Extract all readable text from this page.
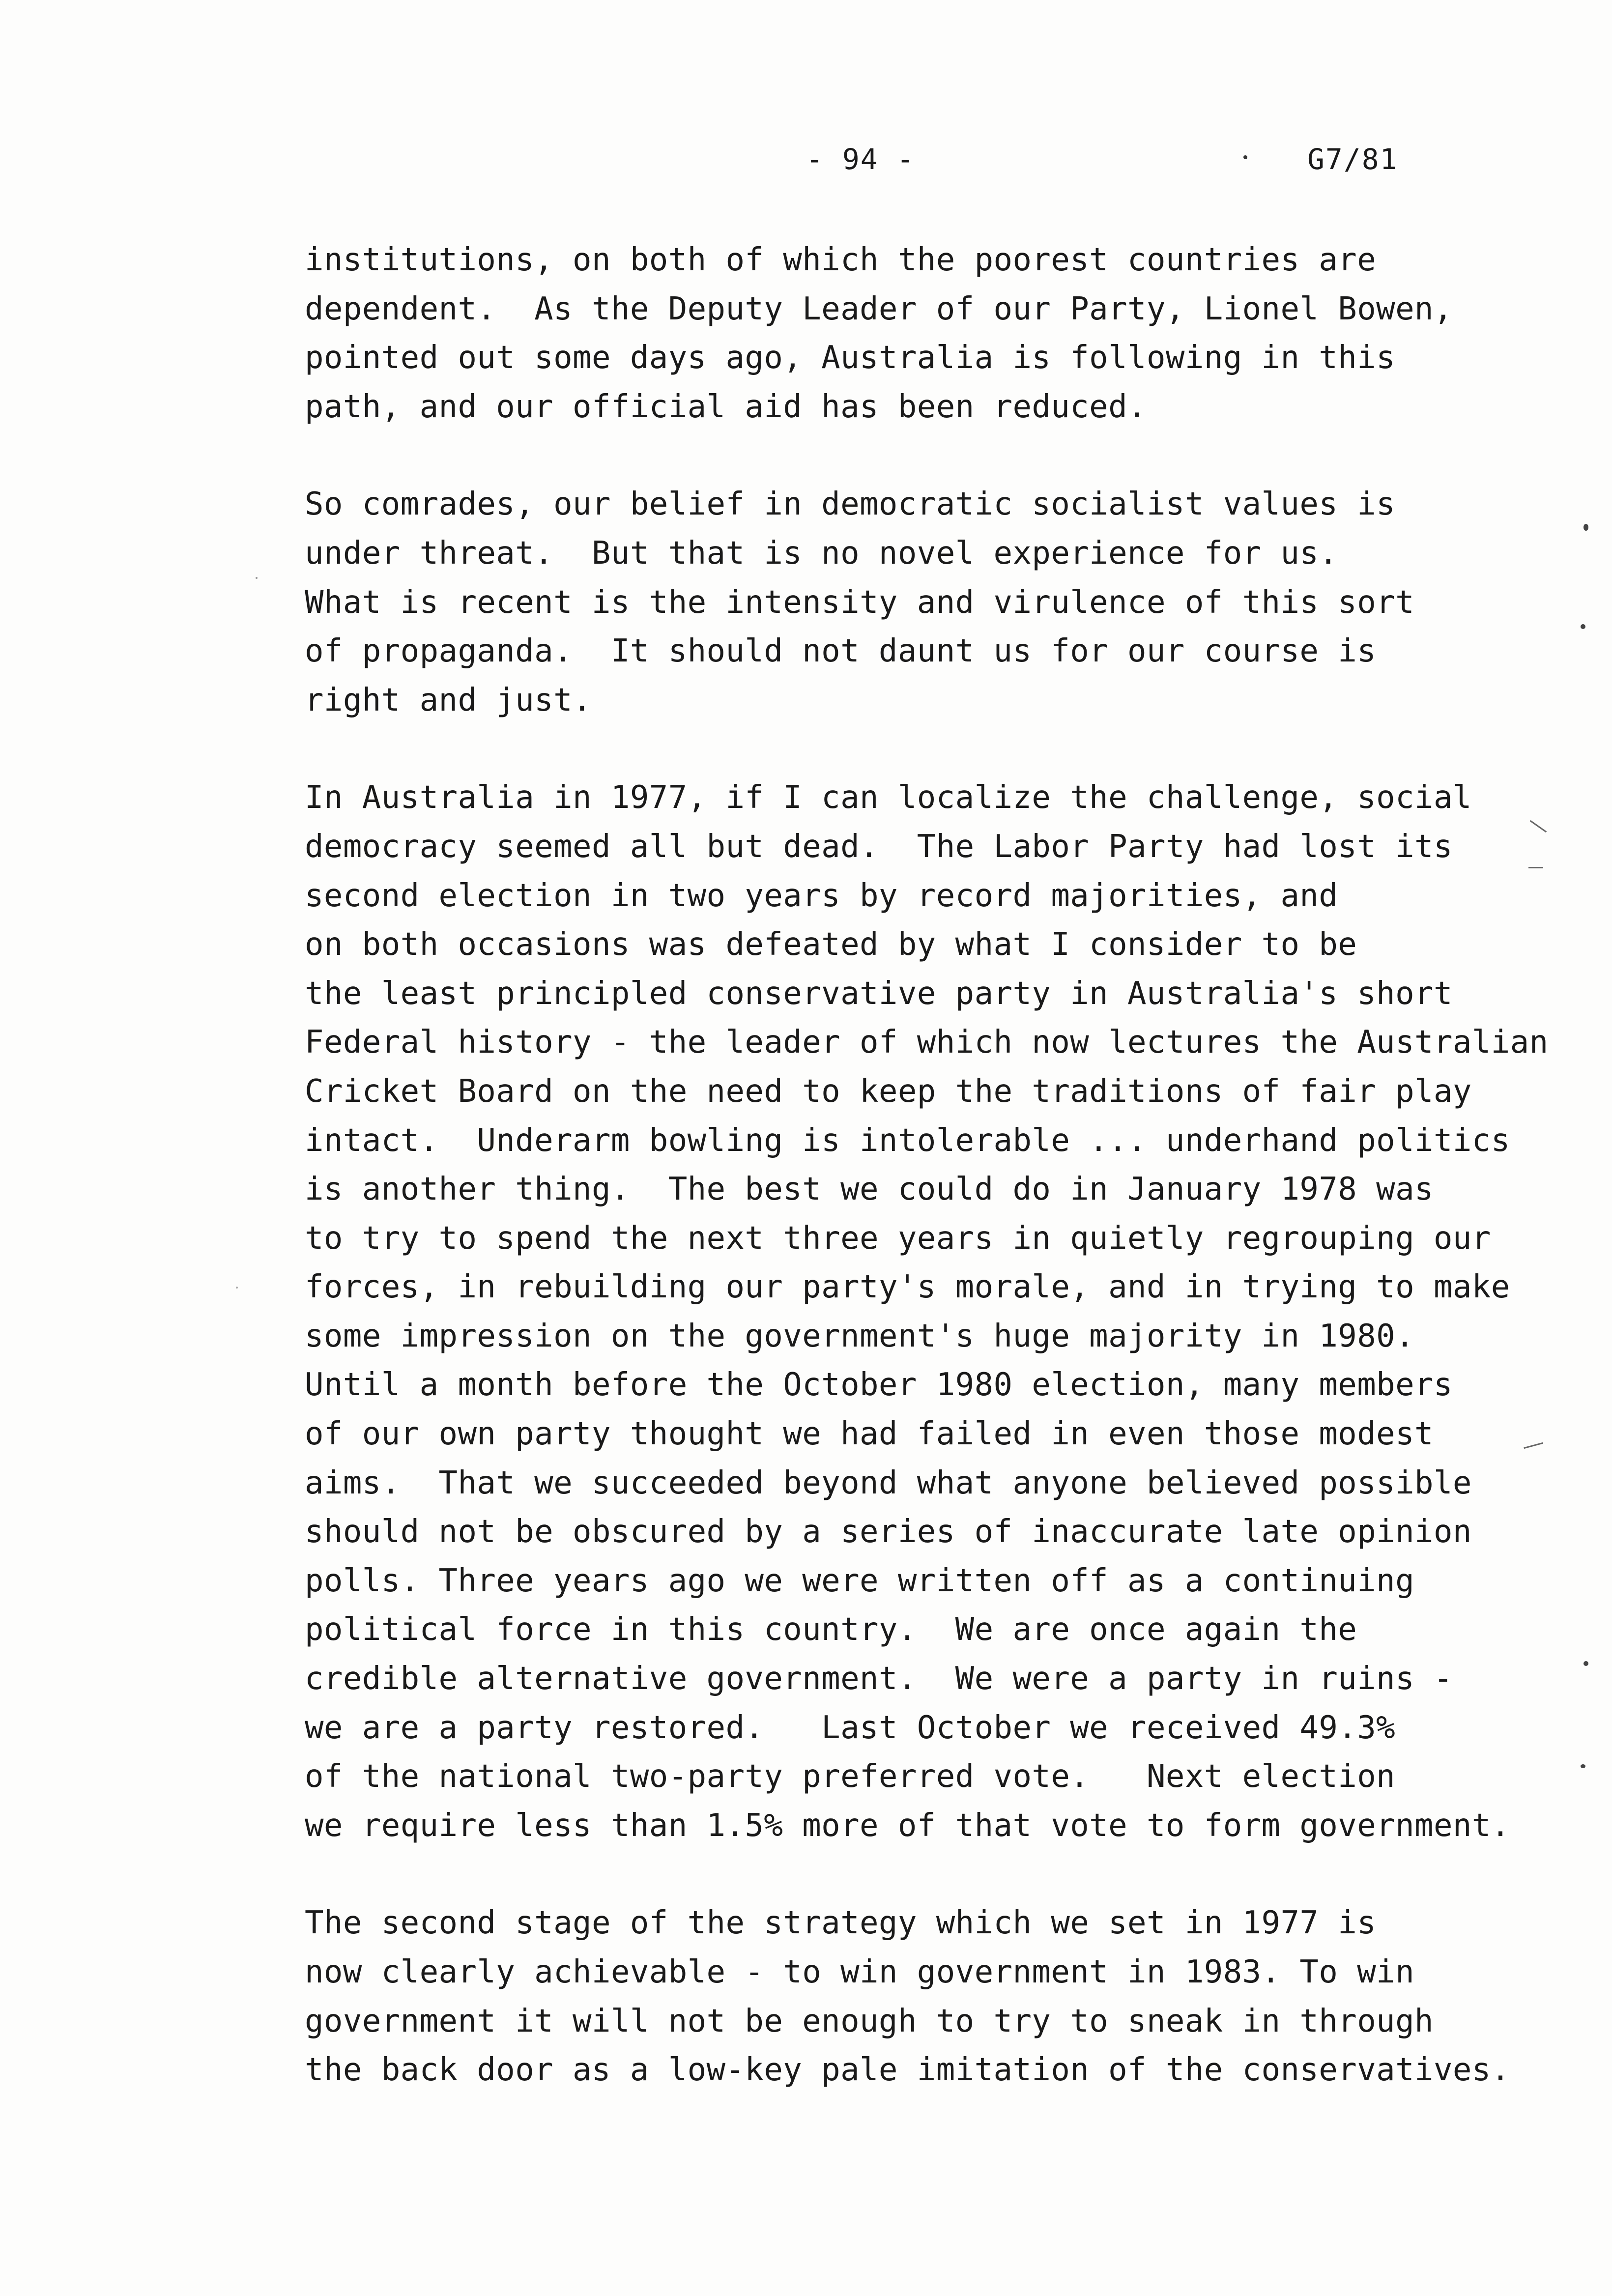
- 94 -	G7/81
institutions, on both of which the poorest countries are
dependent.  As the Deputy Leader of our Party, Lionel Bowen,
pointed out some days ago, Australia is following in this
path, and our official aid has been reduced.
So comrades, our belief in democratic socialist values is
under threat.  But that is no novel experience for us.
What is recent is the intensity and virulence of this sort
of propaganda.  It should not daunt us for our course is
right and just.
In Australia in 1977, if I can localize the challenge, social
democracy seemed all but dead.  The Labor Party had lost its
second election in two years by record majorities, and
on both occasions was defeated by what I consider to be
the least principled conservative party in Australia's short
Federal history - the leader of which now lectures the Australian
Cricket Board on the need to keep the traditions of fair play
intact.  Underarm bowling is intolerable ... underhand politics
is another thing.  The best we could do in January 1978 was
to try to spend the next three years in quietly regrouping our
forces, in rebuilding our party's morale, and in trying to make
some impression on the government's huge majority in 1980.
Until a month before the October 1980 election, many members
of our own party thought we had failed in even those modest
aims.  That we succeeded beyond what anyone believed possible
should not be obscured by a series of inaccurate late opinion
polls. Three years ago we were written off as a continuing
political force in this country.  We are once again the
credible alternative government.  We were a party in ruins -
we are a party restored.   Last October we received 49.3%
of the national two-party preferred vote.   Next election
we require less than 1.5% more of that vote to form government.
The second stage of the strategy which we set in 1977 is
now clearly achievable - to win government in 1983. To win
government it will not be enough to try to sneak in through
the back door as a low-key pale imitation of the conservatives.
